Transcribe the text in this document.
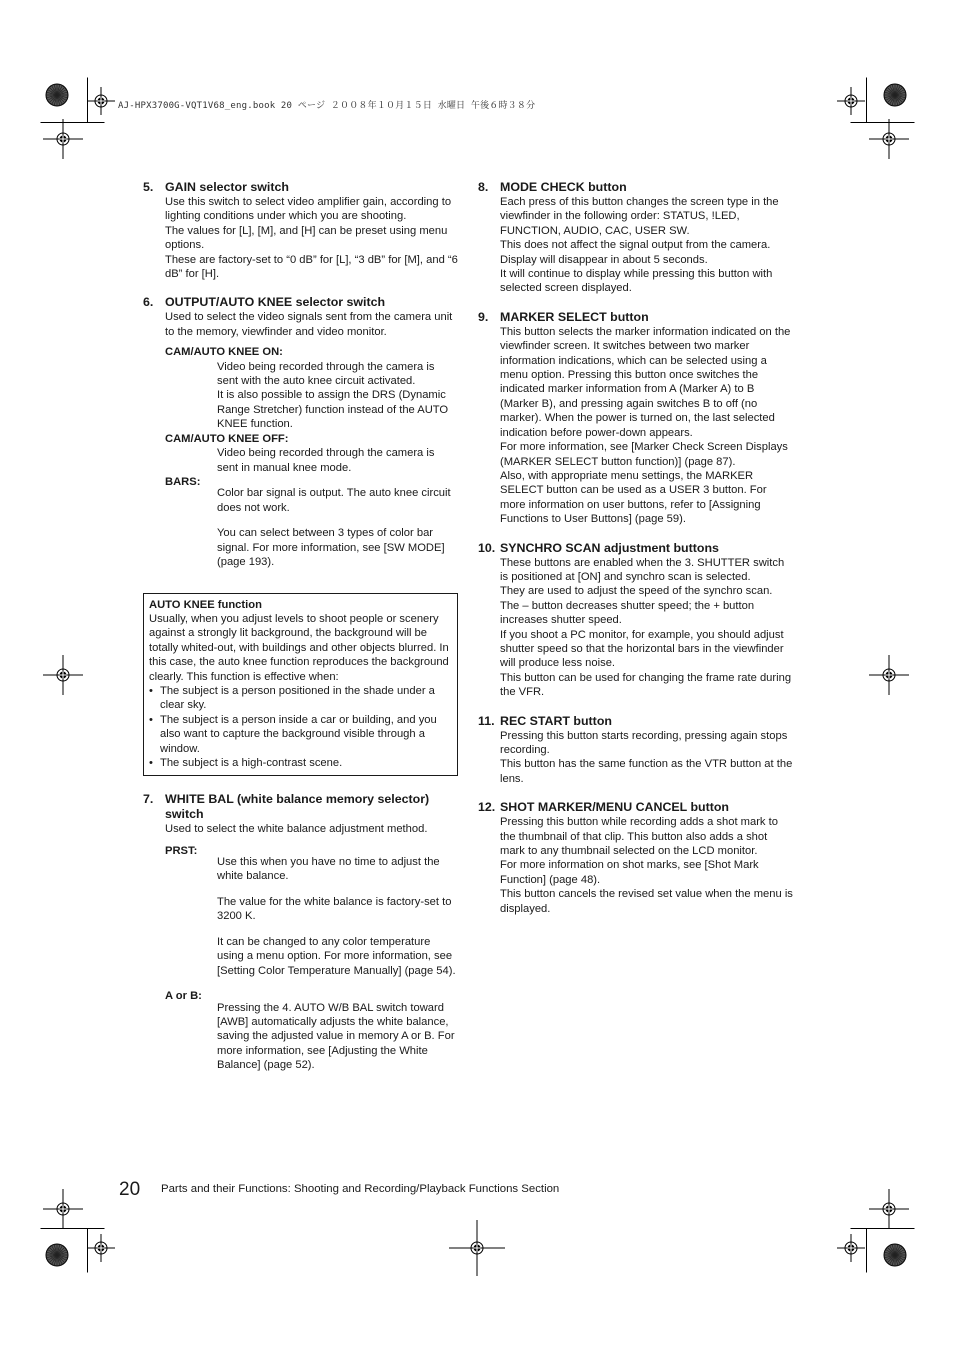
AJ-HPX3700G-VQT1V68_eng.book 20 ページ ２００８年１０月１５日 水曜日 午後６時３８分
5. GAIN selector switch

Use this switch to select video amplifier gain, according to lighting conditions under which you are shooting.

The values for [L], [M], and [H] can be preset using menu options.

These are factory-set to “0 dB” for [L], “3 dB” for [M], and “6 dB” for [H].

6. OUTPUT/AUTO KNEE selector switch

Used to select the video signals sent from the camera unit to the memory, viewfinder and video monitor.

CAM/AUTO KNEE ON:

Video being recorded through the camera is sent with the auto knee circuit activated.

It is also possible to assign the DRS (Dynamic Range Stretcher) function instead of the AUTO KNEE function.

CAM/AUTO KNEE OFF:

Video being recorded through the camera is sent in manual knee mode.

BARS:

Color bar signal is output. The auto knee circuit does not work.

You can select between 3 types of color bar signal. For more information, see [SW MODE] (page 193).

AUTO KNEE function

Usually, when you adjust levels to shoot people or scenery against a strongly lit background, the background will be totally whited-out, with buildings and other objects blurred. In this case, the auto knee function reproduces the background clearly. This function is effective when:

• The subject is a person positioned in the shade under a clear sky.
• The subject is a person inside a car or building, and you also want to capture the background visible through a window.
• The subject is a high-contrast scene.
7. WHITE BAL (white balance memory selector) switch

Used to select the white balance adjustment method.

PRST:

Use this when you have no time to adjust the white balance.

The value for the white balance is factory-set to 3200 K.

It can be changed to any color temperature using a menu option. For more information, see [Setting Color Temperature Manually] (page 54).

A or B:

Pressing the 4. AUTO W/B BAL switch toward [AWB] automatically adjusts the white balance, saving the adjusted value in memory A or B. For more information, see [Adjusting the White Balance] (page 52).

8. MODE CHECK button

Each press of this button changes the screen type in the viewfinder in the following order: STATUS, !LED, FUNCTION, AUDIO, CAC, USER SW.

This does not affect the signal output from the camera.

Display will disappear in about 5 seconds.

It will continue to display while pressing this button with selected screen displayed.

9. MARKER SELECT button

This button selects the marker information indicated on the viewfinder screen. It switches between two marker information indications, which can be selected using a menu option. Pressing this button once switches the indicated marker information from A (Marker A) to B (Marker B), and pressing again switches B to off (no marker). When the power is turned on, the last selected indication before power-down appears.

For more information, see [Marker Check Screen Displays (MARKER SELECT button function)] (page 87).

Also, with appropriate menu settings, the MARKER SELECT button can be used as a USER 3 button. For more information on user buttons, refer to [Assigning Functions to User Buttons] (page 59).

10. SYNCHRO SCAN adjustment buttons

These buttons are enabled when the 3. SHUTTER switch is positioned at [ON] and synchro scan is selected.

They are used to adjust the speed of the synchro scan. The – button decreases shutter speed; the + button increases shutter speed.

If you shoot a PC monitor, for example, you should adjust shutter speed so that the horizontal bars in the viewfinder will produce less noise.

This button can be used for changing the frame rate during the VFR.

11. REC START button

Pressing this button starts recording, pressing again stops recording.

This button has the same function as the VTR button at the lens.

12. SHOT MARKER/MENU CANCEL button

Pressing this button while recording adds a shot mark to the thumbnail of that clip. This button also adds a shot mark to any thumbnail selected on the LCD monitor.

For more information on shot marks, see [Shot Mark Function] (page 48).

This button cancels the revised set value when the menu is displayed.

20 Parts and their Functions: Shooting and Recording/Playback Functions Section
